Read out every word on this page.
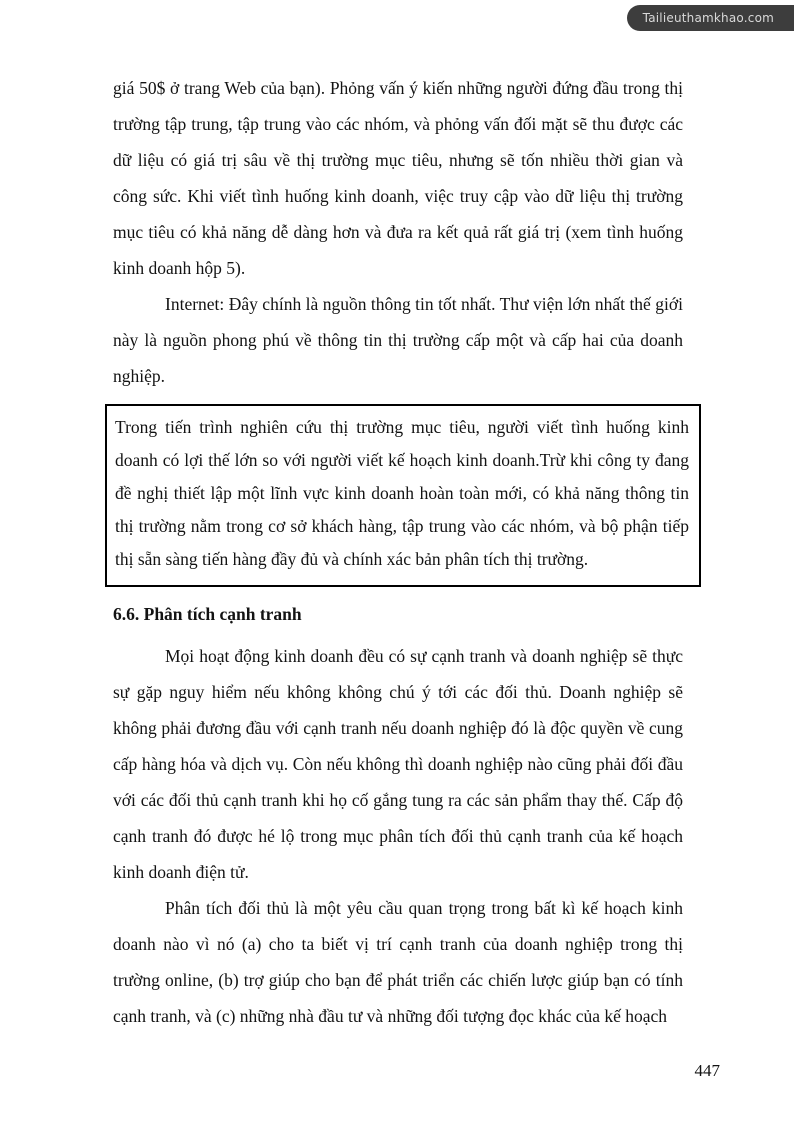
Tailieuthamkhao.com

giá 50$ ở trang Web của bạn). Phỏng vấn ý kiến những người đứng đầu trong thị trường tập trung, tập trung vào các nhóm, và phỏng vấn đối mặt sẽ thu được các dữ liệu có giá trị sâu về thị trường mục tiêu, nhưng sẽ tốn nhiều thời gian và công sức. Khi viết tình huống kinh doanh, việc truy cập vào dữ liệu thị trường mục tiêu có khả năng dễ dàng hơn và đưa ra kết quả rất giá trị (xem tình huống kinh doanh hộp 5).

Internet: Đây chính là nguồn thông tin tốt nhất. Thư viện lớn nhất thế giới này là nguồn phong phú về thông tin thị trường cấp một và cấp hai của doanh nghiệp.

Trong tiến trình nghiên cứu thị trường mục tiêu, người viết tình huống kinh doanh có lợi thế lớn so với người viết kế hoạch kinh doanh.Trừ khi công ty đang đề nghị thiết lập một lĩnh vực kinh doanh hoàn toàn mới, có khả năng thông tin thị trường nằm trong cơ sở khách hàng, tập trung vào các nhóm, và bộ phận tiếp thị sẵn sàng tiến hàng đầy đủ và chính xác bản phân tích thị trường.

6.6. Phân tích cạnh tranh

Mọi hoạt động kinh doanh đều có sự cạnh tranh và doanh nghiệp sẽ thực sự gặp nguy hiểm nếu không không chú ý tới các đối thủ. Doanh nghiệp sẽ không phải đương đầu với cạnh tranh nếu doanh nghiệp đó là độc quyền về cung cấp hàng hóa và dịch vụ. Còn nếu không thì doanh nghiệp nào cũng phải đối đầu với các đối thủ cạnh tranh khi họ cố gắng tung ra các sản phẩm thay thế. Cấp độ cạnh tranh đó được hé lộ trong mục phân tích đối thủ cạnh tranh của kế hoạch kinh doanh điện tử.

Phân tích đối thủ là một yêu cầu quan trọng trong bất kì kế hoạch kinh doanh nào vì nó (a) cho ta biết vị trí cạnh tranh của doanh nghiệp trong thị trường online, (b) trợ giúp cho bạn để phát triển các chiến lược giúp bạn có tính cạnh tranh, và (c) những nhà đầu tư và những đối tượng đọc khác của kế hoạch

447
